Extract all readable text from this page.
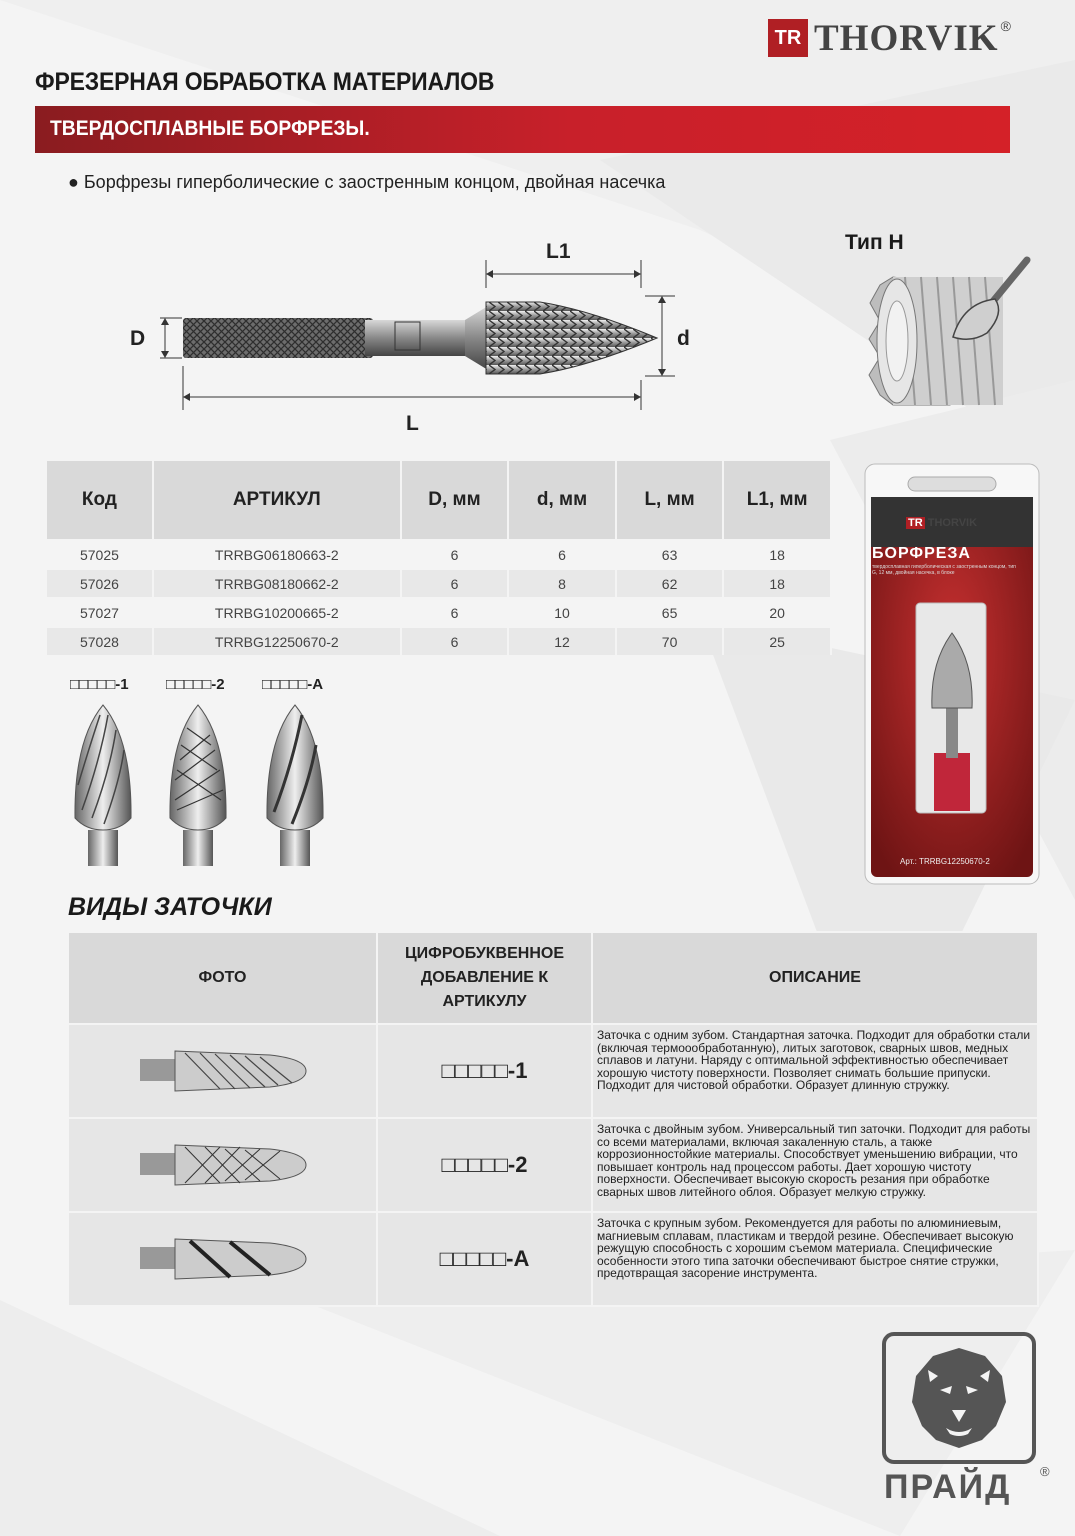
TR THORVIK ®
ФРЕЗЕРНАЯ ОБРАБОТКА МАТЕРИАЛОВ
ТВЕРДОСПЛАВНЫЕ БОРФРЕЗЫ.
● Борфрезы гиперболические с заостренным концом, двойная насечка
L1
D	d
L
Тип Н
Код	АРТИКУЛ	D, мм	d, мм	L, мм	L1, мм
57025	TRRBG06180663-2	6	6	63	18
57026	TRRBG08180662-2	6	8	62	18
57027	TRRBG10200665-2	6	10	65	20
57028	TRRBG12250670-2	6	12	70	25
□□□□□-1 □□□□□-2 □□□□□-A
TR THORVIK
БОРФРЕЗА
твердосплавная гиперболическая с заостренным концом, тип G, 12 мм, двойная насечка, в блоке
Арт.: TRRBG12250670-2
ВИДЫ ЗАТОЧКИ
ФОТО	ЦИФРОБУКВЕННОЕ ДОБАВЛЕНИЕ К АРТИКУЛУ	ОПИСАНИЕ
	□□□□□-1	Заточка с одним зубом. Стандартная заточка. Подходит для обработки стали (включая термоообработанную), литых заготовок, сварных швов, медных сплавов и латуни. Наряду с оптимальной эффективностью обеспечивает хорошую чистоту поверхности. Позволяет снимать большие припуски. Подходит для чистовой обработки. Образует длинную стружку.
	□□□□□-2	Заточка с двойным зубом. Универсальный тип заточки. Подходит для работы со всеми материалами, включая закаленную сталь, а также коррозионностойкие материалы. Способствует уменьшению вибрации, что повышает контроль над процессом работы. Дает хорошую чистоту поверхности. Обеспечивает высокую скорость резания при обработке сварных швов литейного облоя. Образует мелкую стружку.
	□□□□□-A	Заточка с крупным зубом. Рекомендуется для работы по алюминиевым, магниевым сплавам, пластикам и твердой резине. Обеспечивает высокую режущую способность с хорошим съемом материала. Специфические особенности этого типа заточки обеспечивают быстрое снятие стружки, предотвращая засорение инструмента.
ПРАЙД ®
